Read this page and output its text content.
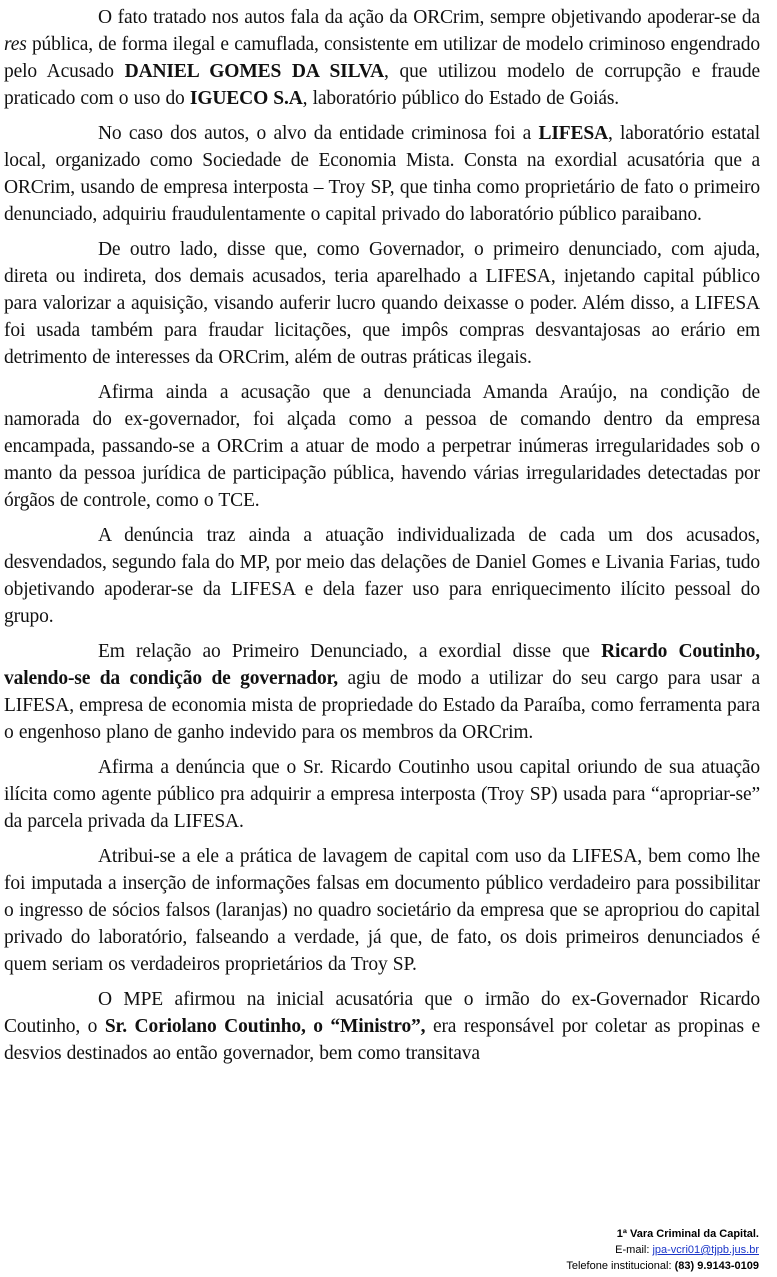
O fato tratado nos autos fala da ação da ORCrim, sempre objetivando apoderar-se da res pública, de forma ilegal e camuflada, consistente em utilizar de modelo criminoso engendrado pelo Acusado DANIEL GOMES DA SILVA, que utilizou modelo de corrupção e fraude praticado com o uso do IGUECO S.A, laboratório público do Estado de Goiás.

No caso dos autos, o alvo da entidade criminosa foi a LIFESA, laboratório estatal local, organizado como Sociedade de Economia Mista. Consta na exordial acusatória que a ORCrim, usando de empresa interposta – Troy SP, que tinha como proprietário de fato o primeiro denunciado, adquiriu fraudulentamente o capital privado do laboratório público paraibano.

De outro lado, disse que, como Governador, o primeiro denunciado, com ajuda, direta ou indireta, dos demais acusados, teria aparelhado a LIFESA, injetando capital público para valorizar a aquisição, visando auferir lucro quando deixasse o poder. Além disso, a LIFESA foi usada também para fraudar licitações, que impôs compras desvantajosas ao erário em detrimento de interesses da ORCrim, além de outras práticas ilegais.

Afirma ainda a acusação que a denunciada Amanda Araújo, na condição de namorada do ex-governador, foi alçada como a pessoa de comando dentro da empresa encampada, passando-se a ORCrim a atuar de modo a perpetrar inúmeras irregularidades sob o manto da pessoa jurídica de participação pública, havendo várias irregularidades detectadas por órgãos de controle, como o TCE.

A denúncia traz ainda a atuação individualizada de cada um dos acusados, desvendados, segundo fala do MP, por meio das delações de Daniel Gomes e Livania Farias, tudo objetivando apoderar-se da LIFESA e dela fazer uso para enriquecimento ilícito pessoal do grupo.

Em relação ao Primeiro Denunciado, a exordial disse que Ricardo Coutinho, valendo-se da condição de governador, agiu de modo a utilizar do seu cargo para usar a LIFESA, empresa de economia mista de propriedade do Estado da Paraíba, como ferramenta para o engenhoso plano de ganho indevido para os membros da ORCrim.

Afirma a denúncia que o Sr. Ricardo Coutinho usou capital oriundo de sua atuação ilícita como agente público pra adquirir a empresa interposta (Troy SP) usada para “apropriar-se” da parcela privada da LIFESA.

Atribui-se a ele a prática de lavagem de capital com uso da LIFESA, bem como lhe foi imputada a inserção de informações falsas em documento público verdadeiro para possibilitar o ingresso de sócios falsos (laranjas) no quadro societário da empresa que se apropriou do capital privado do laboratório, falseando a verdade, já que, de fato, os dois primeiros denunciados é quem seriam os verdadeiros proprietários da Troy SP.

O MPE afirmou na inicial acusatória que o irmão do ex-Governador Ricardo Coutinho, o Sr. Coriolano Coutinho, o “Ministro”, era responsável por coletar as propinas e desvios destinados ao então governador, bem como transitava

1ª Vara Criminal da Capital.
E-mail: jpa-vcri01@tjpb.jus.br
Telefone institucional: (83) 9.9143-0109
